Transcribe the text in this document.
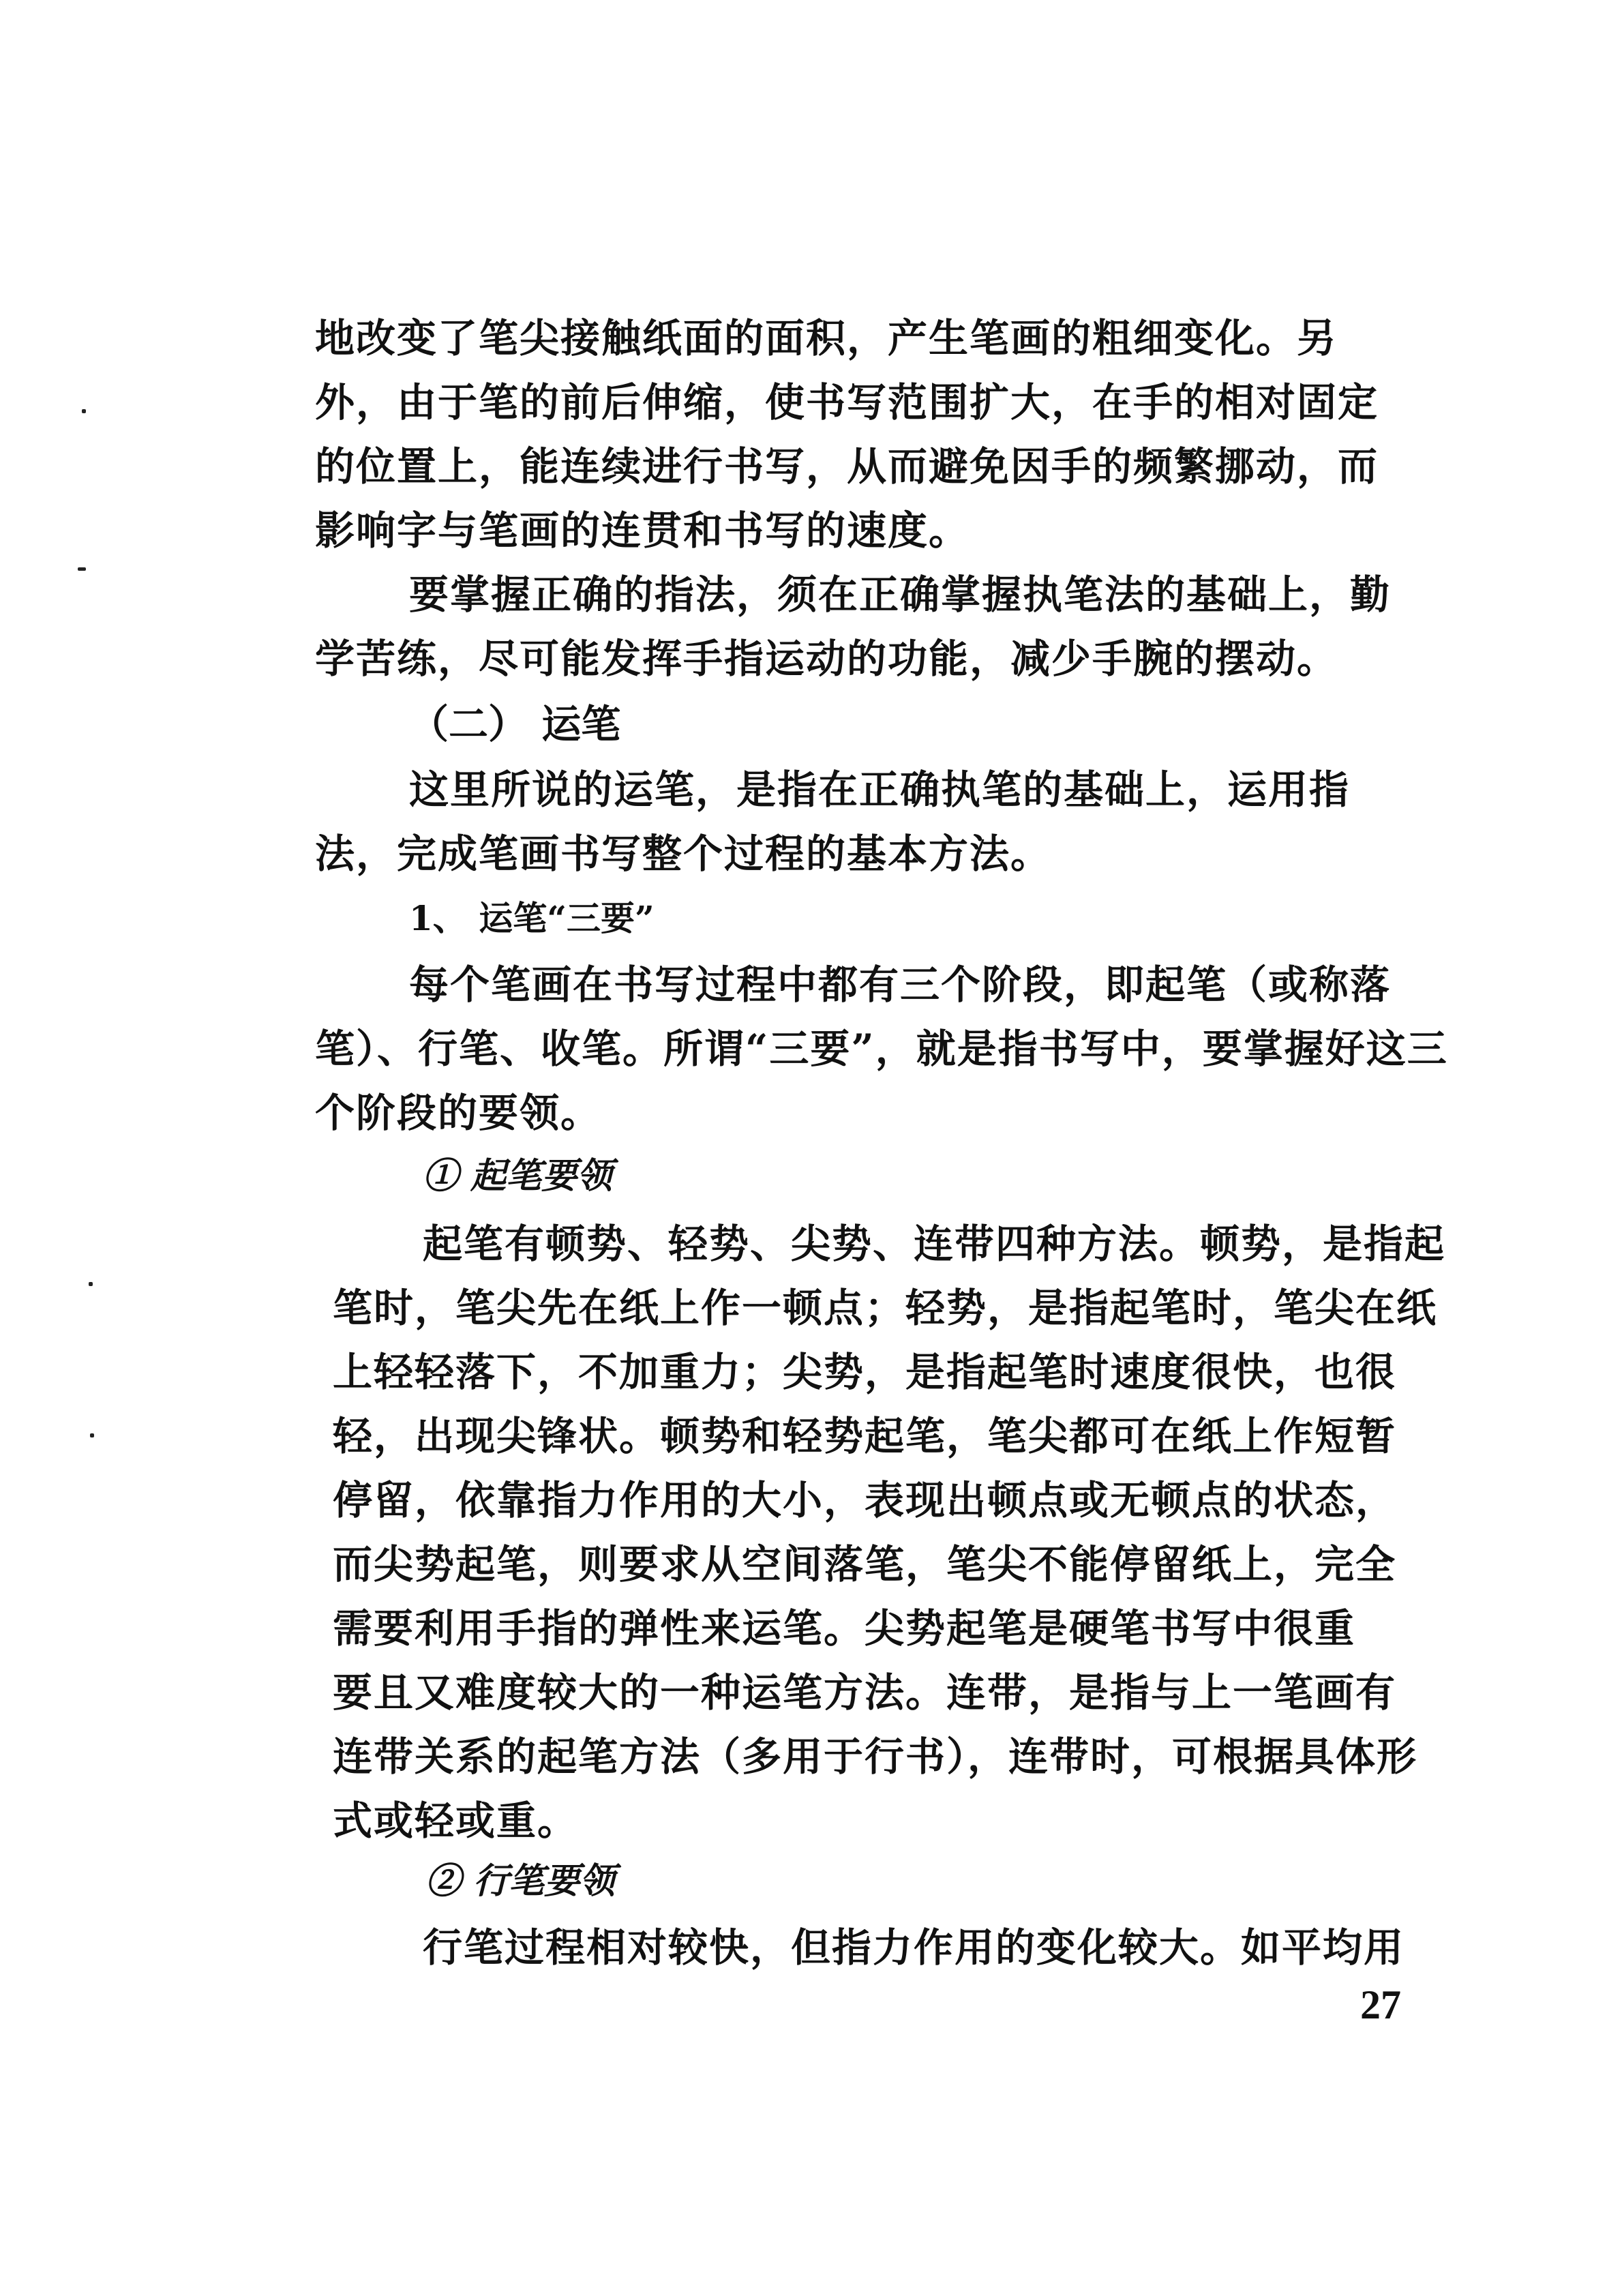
地改变了笔尖接触纸面的面积，产生笔画的粗细变化。另
外，由于笔的前后伸缩，使书写范围扩大，在手的相对固定
的位置上，能连续进行书写，从而避免因手的频繁挪动，而
影响字与笔画的连贯和书写的速度。
要掌握正确的指法，须在正确掌握执笔法的基础上，勤
学苦练，尽可能发挥手指运动的功能，减少手腕的摆动。
（二） 运笔
这里所说的运笔，是指在正确执笔的基础上，运用指
法，完成笔画书写整个过程的基本方法。
1、 运笔“三要”
每个笔画在书写过程中都有三个阶段，即起笔（或称落
笔）、行笔、收笔。所谓“三要”，就是指书写中，要掌握好这三
个阶段的要领。
① 起笔要领
起笔有顿势、轻势、尖势、连带四种方法。顿势，是指起
笔时，笔尖先在纸上作一顿点；轻势，是指起笔时，笔尖在纸
上轻轻落下，不加重力；尖势，是指起笔时速度很快，也很
轻，出现尖锋状。顿势和轻势起笔，笔尖都可在纸上作短暂
停留，依靠指力作用的大小，表现出顿点或无顿点的状态，
而尖势起笔，则要求从空间落笔，笔尖不能停留纸上，完全
需要利用手指的弹性来运笔。尖势起笔是硬笔书写中很重
要且又难度较大的一种运笔方法。连带，是指与上一笔画有
连带关系的起笔方法（多用于行书），连带时，可根据具体形
式或轻或重。
② 行笔要领
行笔过程相对较快，但指力作用的变化较大。如平均用
27
